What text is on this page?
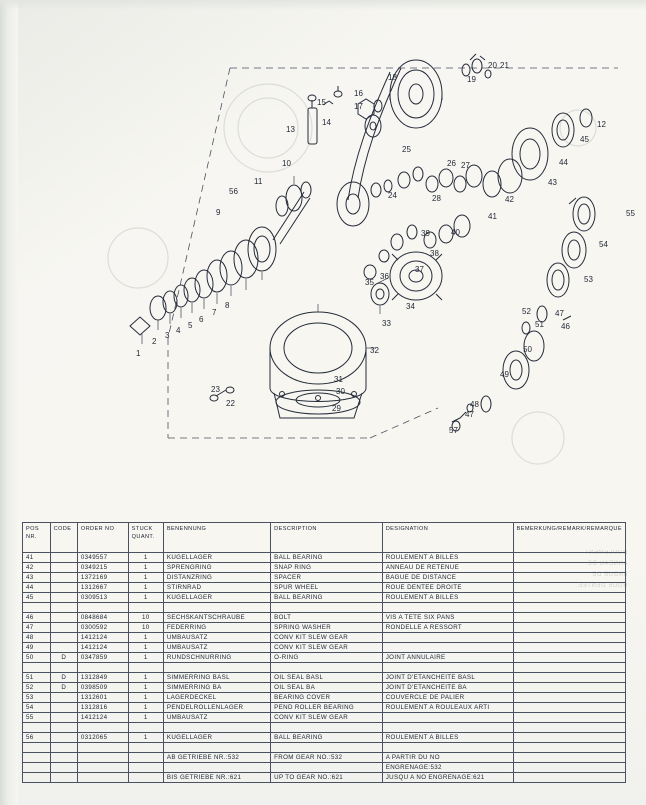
1
2
3
4
5
6
7
8
9
10
11
12
13
14
15
16
17
18	19
20 21
22
23
24
25
26 27
28
29
30
31
32
33
34
35
36
37
38
39	40
41
42
43
44
45
46
47
48
49
50
51
52
53
54
55
56
57
47
ROULEMENT
ANNEAU DE
BAGUE DE
ROUE DENTEE
POS
NR.	CODE	ORDER NO	STUCK
QUANT.	BENENNUNG	DESCRIPTION	DESIGNATION	BEMERKUNG/REMARK/REMARQUE
41		0349557	1	KUGELLAGER	BALL BEARING	ROULEMENT A BILLES	
42		0349215	1	SPRENGRING	SNAP RING	ANNEAU DE RETENUE	
43		1372169	1	DISTANZRING	SPACER	BAGUE DE DISTANCE	
44		1312667	1	STIRNRAD	SPUR WHEEL	ROUE DENTEE DROITE	
45		0309513	1	KUGELLAGER	BALL BEARING	ROULEMENT A BILLES	

46		0848684	10	SECHSKANTSCHRAUBE	BOLT	VIS A TETE SIX PANS	
47		0300592	10	FEDERRING	SPRING WASHER	RONDELLE A RESSORT	
48		1412124	1	UMBAUSATZ	CONV KIT SLEW GEAR		
49		1412124	1	UMBAUSATZ	CONV KIT SLEW GEAR		
50	D	0347859	1	RUNDSCHNURRING	O-RING	JOINT ANNULAIRE	

51	D	1312849	1	SIMMERRING BASL	OIL SEAL BASL	JOINT D'ETANCHEITE BASL	
52	D	0398509	1	SIMMERRING BA	OIL SEAL BA	JOINT D'ETANCHEITE BA	
53		1312601	1	LAGERDECKEL	BEARING COVER	COUVERCLE DE PALIER	
54		1312816	1	PENDELROLLENLAGER	PEND ROLLER BEARING	ROULEMENT A ROULEAUX ARTI	
55		1412124	1	UMBAUSATZ	CONV KIT SLEW GEAR		

56		0312065	1	KUGELLAGER	BALL BEARING	ROULEMENT A BILLES	

				AB GETRIEBE NR.:532	FROM GEAR NO.:532	A PARTIR DU NO	
						ENGRENAGE:532	
				BIS GETRIEBE NR.:621	UP TO GEAR NO.:621	JUSQU A NO ENGRENAGE:621	
